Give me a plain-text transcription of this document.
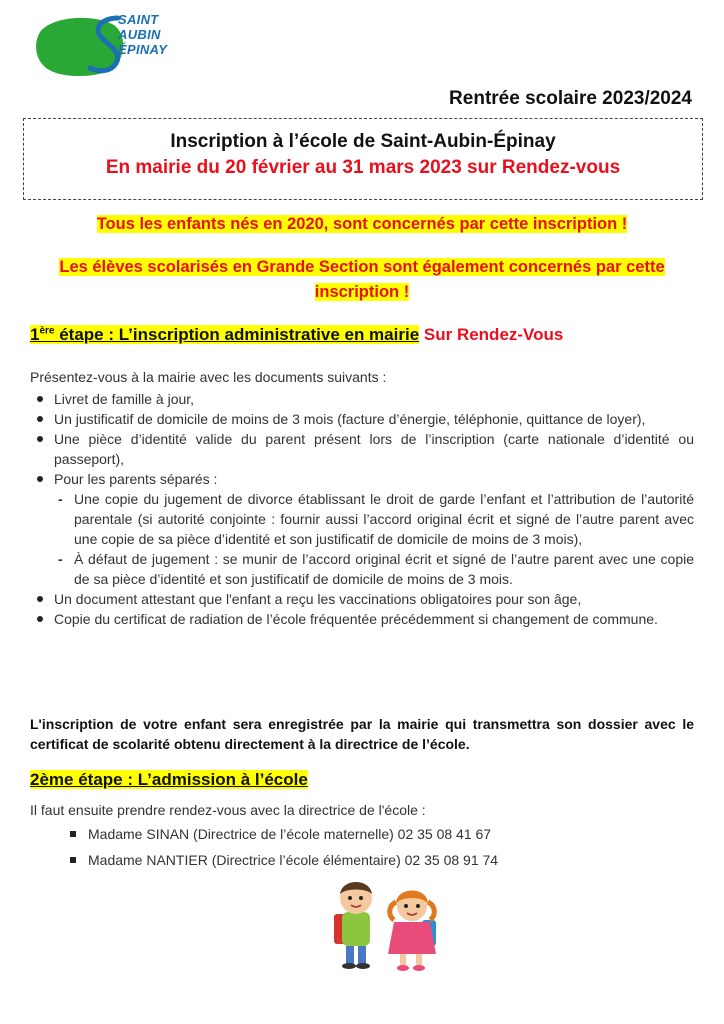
SAINT
AUBIN
ÉPINAY
Rentrée scolaire 2023/2024
Inscription à l’école de Saint-Aubin-Épinay
En mairie du 20 février au 31 mars 2023 sur Rendez-vous
Tous les enfants nés en 2020, sont concernés par cette inscription !
Les élèves scolarisés en Grande Section sont également concernés par cette inscription !
1ère étape : L’inscription administrative en mairie Sur Rendez-Vous
Présentez-vous à la mairie avec les documents suivants :
Livret de famille à jour,
Un justificatif de domicile de moins de 3 mois (facture d’énergie, téléphonie, quittance de loyer),
Une pièce d’identité valide du parent présent lors de l’inscription (carte nationale d’identité ou passeport),
Pour les parents séparés :
- Une copie du jugement de divorce établissant le droit de garde l’enfant et l’attribution de l’autorité parentale (si autorité conjointe : fournir aussi l’accord original écrit et signé de l’autre parent avec une copie de sa pièce d’identité et son justificatif de domicile de moins de 3 mois),
- À défaut de jugement : se munir de l’accord original écrit et signé de l’autre parent avec une copie de sa pièce d’identité et son justificatif de domicile de moins de 3 mois.
Un document attestant que l'enfant a reçu les vaccinations obligatoires pour son âge,
Copie du certificat de radiation de l’école fréquentée précédemment si changement de commune.
L'inscription de votre enfant sera enregistrée par la mairie qui transmettra son dossier avec le certificat de scolarité obtenu directement à la directrice de l’école.
2ème étape : L’admission à l’école
Il faut ensuite prendre rendez-vous avec la directrice de l'école :
Madame SINAN (Directrice de l’école maternelle) 02 35 08 41 67
Madame NANTIER (Directrice l’école élémentaire) 02 35 08 91 74
